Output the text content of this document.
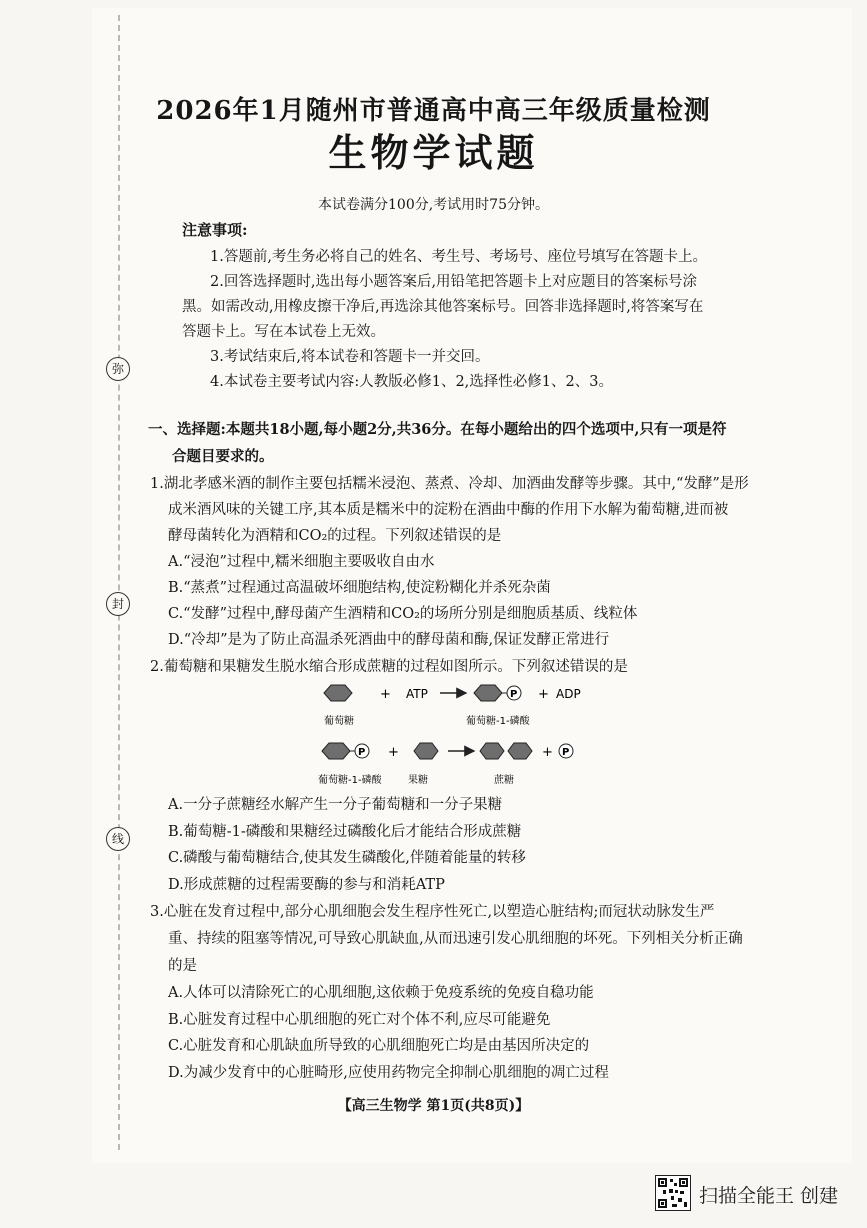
弥
封
线
2026年1月随州市普通高中高三年级质量检测
生物学试题
本试卷满分100分,考试用时75分钟。
注意事项:
1.答题前,考生务必将自己的姓名、考生号、考场号、座位号填写在答题卡上。
2.回答选择题时,选出每小题答案后,用铅笔把答题卡上对应题目的答案标号涂
黑。如需改动,用橡皮擦干净后,再选涂其他答案标号。回答非选择题时,将答案写在
答题卡上。写在本试卷上无效。
3.考试结束后,将本试卷和答题卡一并交回。
4.本试卷主要考试内容:人教版必修1、2,选择性必修1、2、3。
一、选择题:本题共18小题,每小题2分,共36分。在每小题给出的四个选项中,只有一项是符
合题目要求的。
1.湖北孝感米酒的制作主要包括糯米浸泡、蒸煮、冷却、加酒曲发酵等步骤。其中,“发酵”是形
成米酒风味的关键工序,其本质是糯米中的淀粉在酒曲中酶的作用下水解为葡萄糖,进而被
酵母菌转化为酒精和CO₂的过程。下列叙述错误的是
A.“浸泡”过程中,糯米细胞主要吸收自由水
B.“蒸煮”过程通过高温破坏细胞结构,使淀粉糊化并杀死杂菌
C.“发酵”过程中,酵母菌产生酒精和CO₂的场所分别是细胞质基质、线粒体
D.“冷却”是为了防止高温杀死酒曲中的酵母菌和酶,保证发酵正常进行
2.葡萄糖和果糖发生脱水缩合形成蔗糖的过程如图所示。下列叙述错误的是
+ ATP	P + ADP
葡萄糖	葡萄糖-1-磷酸
P +	+ P
葡萄糖-1-磷酸	果糖	蔗糖
A.一分子蔗糖经水解产生一分子葡萄糖和一分子果糖
B.葡萄糖-1-磷酸和果糖经过磷酸化后才能结合形成蔗糖
C.磷酸与葡萄糖结合,使其发生磷酸化,伴随着能量的转移
D.形成蔗糖的过程需要酶的参与和消耗ATP
3.心脏在发育过程中,部分心肌细胞会发生程序性死亡,以塑造心脏结构;而冠状动脉发生严
重、持续的阻塞等情况,可导致心肌缺血,从而迅速引发心肌细胞的坏死。下列相关分析正确
的是
A.人体可以清除死亡的心肌细胞,这依赖于免疫系统的免疫自稳功能
B.心脏发育过程中心肌细胞的死亡对个体不利,应尽可能避免
C.心脏发育和心肌缺血所导致的心肌细胞死亡均是由基因所决定的
D.为减少发育中的心脏畸形,应使用药物完全抑制心肌细胞的凋亡过程
【高三生物学 第1页(共8页)】
扫描全能王 创建
